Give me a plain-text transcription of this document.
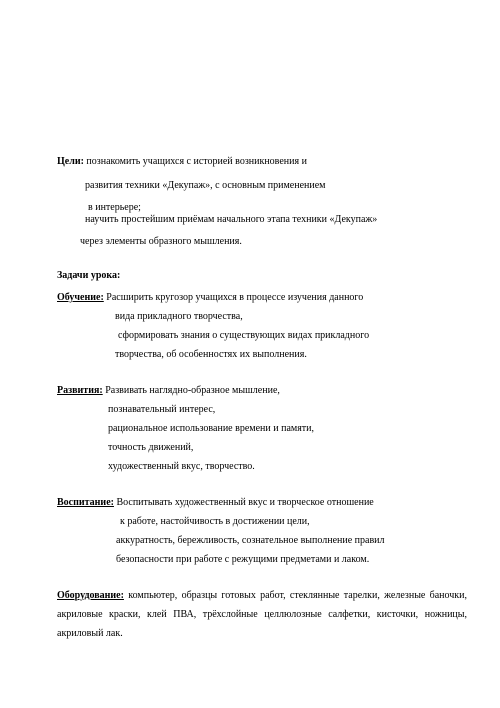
Цели: познакомить учащихся с историей возникновения и
развития техники «Декупаж», с основным применением
в интерьере;
научить простейшим приёмам начального этапа техники «Декупаж»
через элементы образного мышления.
Задачи урока:
Обучение: Расширить кругозор учащихся в процессе изучения данного
вида прикладного творчества,
сформировать знания о существующих видах прикладного
творчества, об особенностях их выполнения.
Развития: Развивать наглядно-образное мышление,
познавательный интерес,
рациональное использование времени и памяти,
точность движений,
художественный вкус, творчество.
Воспитание: Воспитывать художественный вкус и творческое отношение
к работе, настойчивость в достижении цели,
аккуратность, бережливость, сознательное выполнение правил
безопасности при работе с режущими предметами и лаком.
Оборудование: компьютер, образцы готовых работ, стеклянные тарелки, железные баночки,
акриловые краски, клей ПВА, трёхслойные целлюлозные салфетки, кисточки, ножницы,
акриловый лак.
